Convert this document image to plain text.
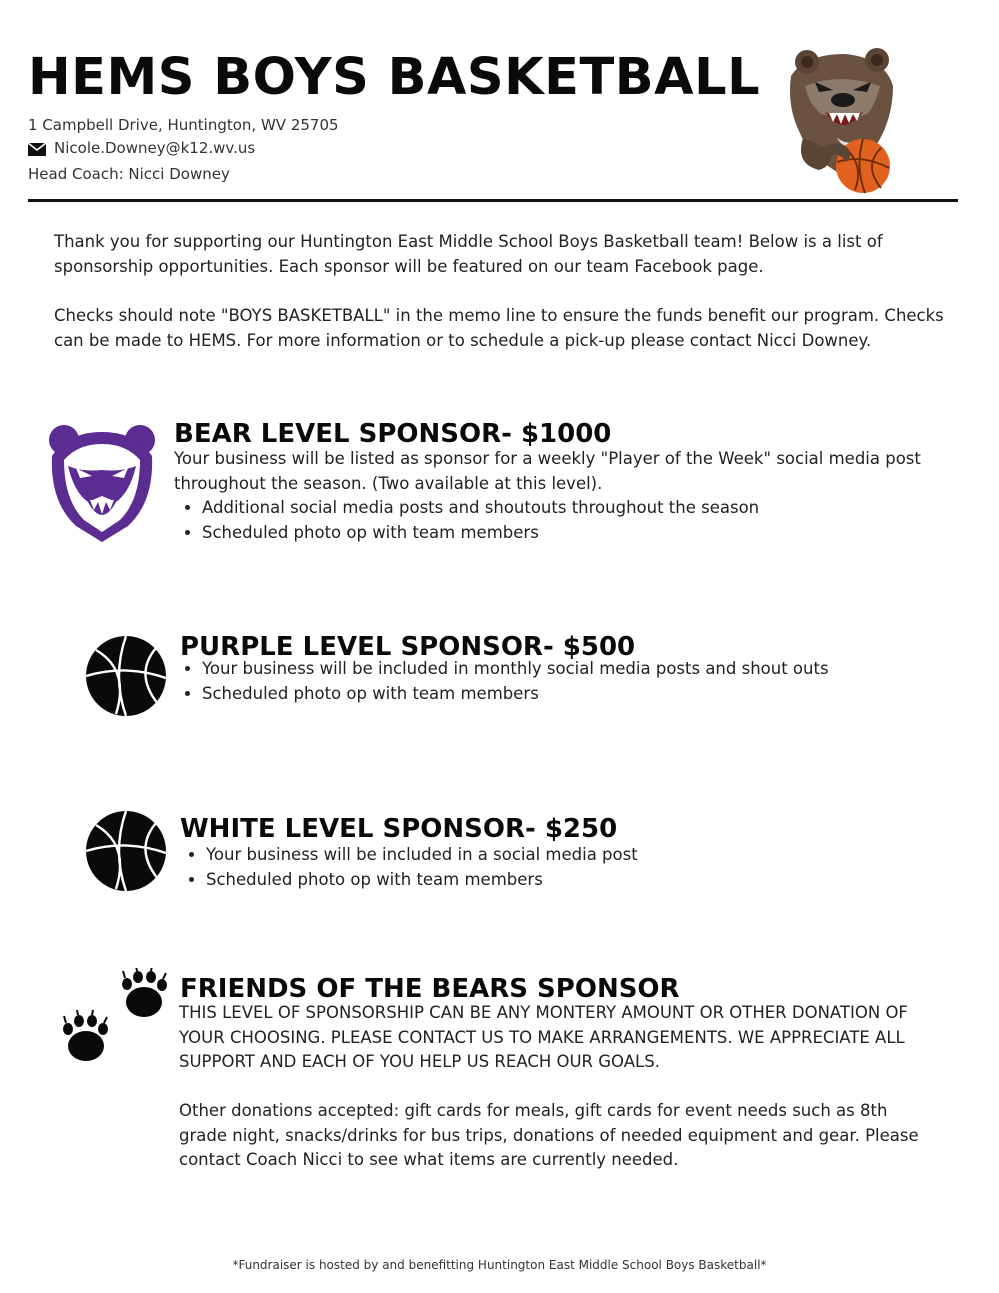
HEMS BOYS BASKETBALL
1 Campbell Drive, Huntington, WV 25705
Nicole.Downey@k12.wv.us
Head Coach: Nicci Downey
Thank you for supporting our Huntington East Middle School Boys Basketball team! Below is a list of sponsorship opportunities. Each sponsor will be featured on our team Facebook page.
Checks should note "BOYS BASKETBALL" in the memo line to ensure the funds benefit our program. Checks can be made to HEMS. For more information or to schedule a pick-up please contact Nicci Downey.
BEAR LEVEL SPONSOR- $1000
Your business will be listed as sponsor for a weekly "Player of the Week" social media post throughout the season. (Two available at this level).
• Additional social media posts and shoutouts throughout the season
• Scheduled photo op with team members
PURPLE LEVEL SPONSOR- $500
• Your business will be included in monthly social media posts and shout outs
• Scheduled photo op with team members
WHITE LEVEL SPONSOR- $250
• Your business will be included in a social media post
• Scheduled photo op with team members
FRIENDS OF THE BEARS SPONSOR
THIS LEVEL OF SPONSORSHIP CAN BE ANY MONTERY AMOUNT OR OTHER DONATION OF YOUR CHOOSING. PLEASE CONTACT US TO MAKE ARRANGEMENTS. WE APPRECIATE ALL SUPPORT AND EACH OF YOU HELP US REACH OUR GOALS.
Other donations accepted: gift cards for meals, gift cards for event needs such as 8th grade night, snacks/drinks for bus trips, donations of needed equipment and gear. Please contact Coach Nicci to see what items are currently needed.
*Fundraiser is hosted by and benefitting Huntington East Middle School Boys Basketball*
